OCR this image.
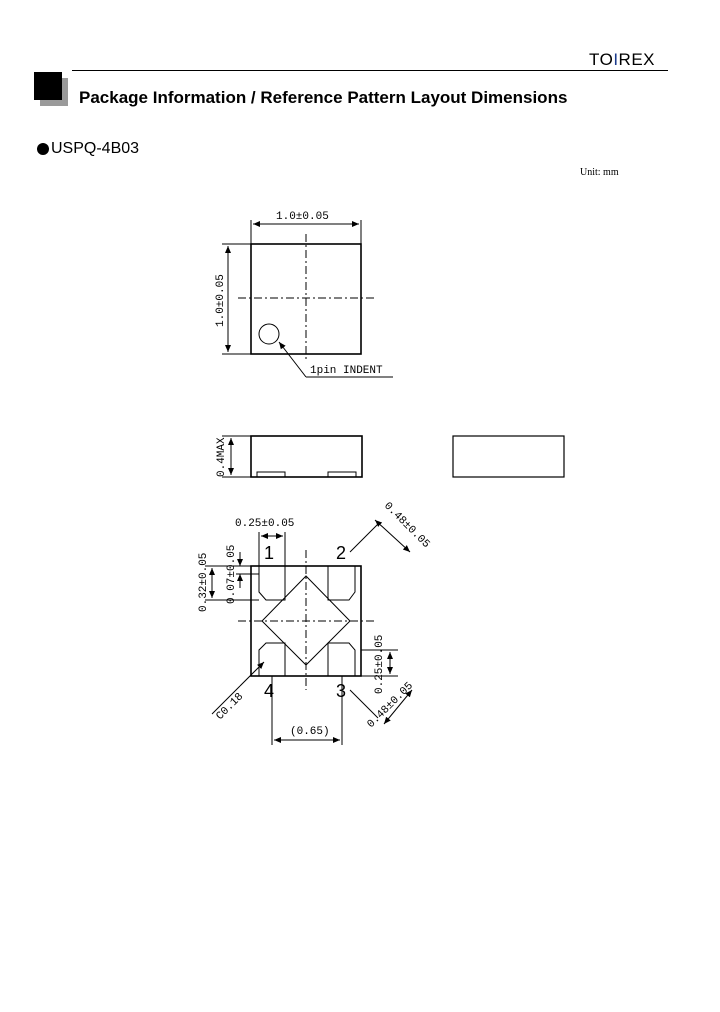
TOIREX
Package Information / Reference Pattern Layout Dimensions
USPQ-4B03
Unit: mm
1.0±0.05
1.0±0.05
1pin INDENT
0.4MAX
0.25±0.05
0.32±0.05 0.07±0.05
0.48±0.05
0.25±0.05
0.48±0.05
C0.18
(0.65)
1	2
3
4
